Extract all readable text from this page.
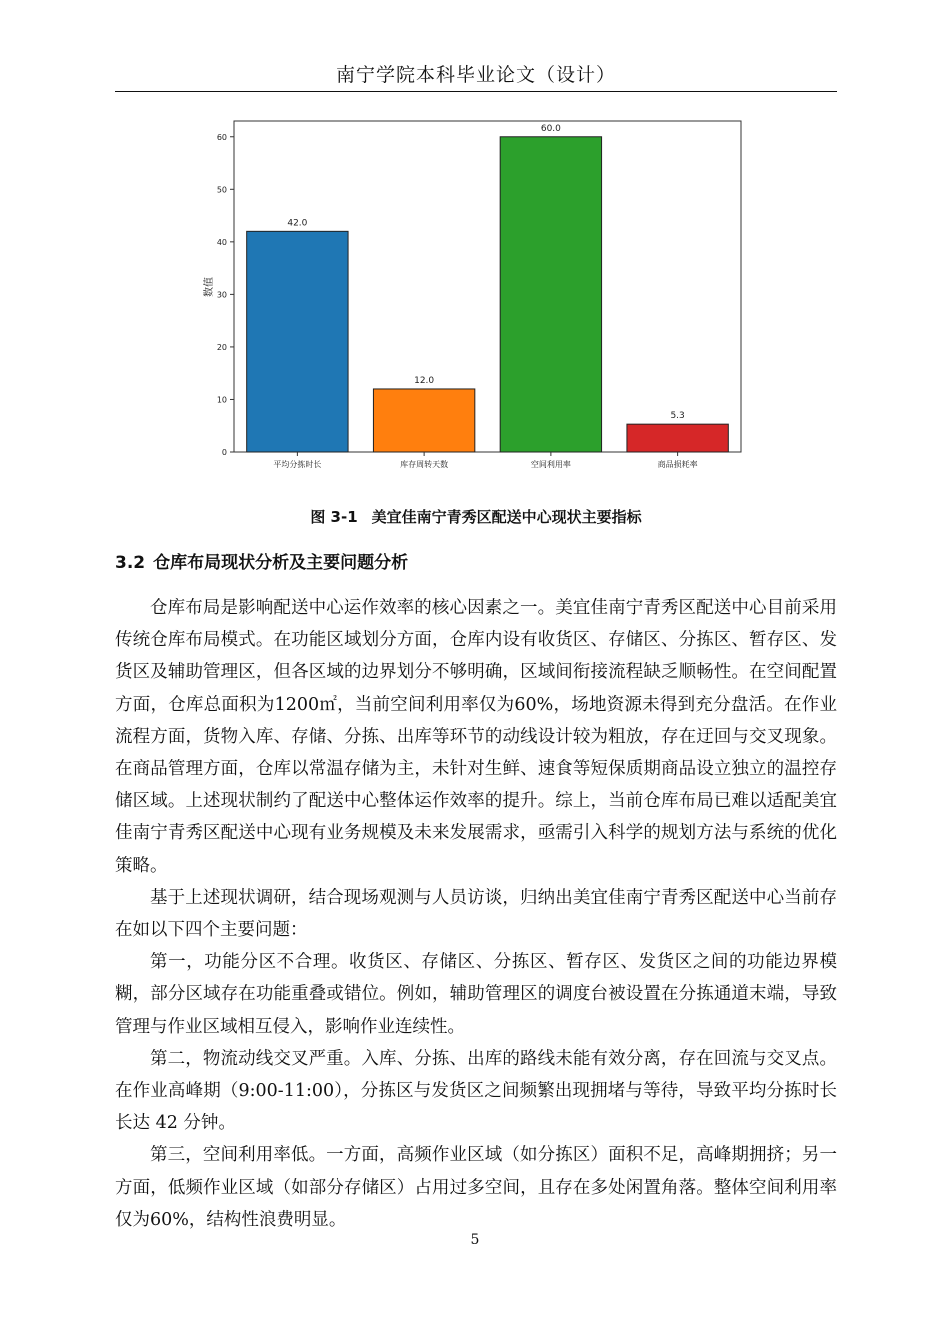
南宁学院本科毕业论文（设计）
数值
0
10
20
30
40
50
60
42.0
12.0
60.0
5.3
平均分拣时长	库存周转天数	空间利用率	商品损耗率
图 3-1 美宜佳南宁青秀区配送中心现状主要指标
3.2 仓库布局现状分析及主要问题分析

仓库布局是影响配送中心运作效率的核心因素之一。美宜佳南宁青秀区配送中心目前采用传统仓库布局模式。在功能区域划分方面，仓库内设有收货区、存储区、分拣区、暂存区、发货区及辅助管理区，但各区域的边界划分不够明确，区域间衔接流程缺乏顺畅性。在空间配置方面，仓库总面积为1200㎡，当前空间利用率仅为60%，场地资源未得到充分盘活。在作业流程方面，货物入库、存储、分拣、出库等环节的动线设计较为粗放，存在迂回与交叉现象。在商品管理方面，仓库以常温存储为主，未针对生鲜、速食等短保质期商品设立独立的温控存储区域。上述现状制约了配送中心整体运作效率的提升。综上，当前仓库布局已难以适配美宜佳南宁青秀区配送中心现有业务规模及未来发展需求，亟需引入科学的规划方法与系统的优化策略。

基于上述现状调研，结合现场观测与人员访谈，归纳出美宜佳南宁青秀区配送中心当前存在如以下四个主要问题：

第一，功能分区不合理。收货区、存储区、分拣区、暂存区、发货区之间的功能边界模糊，部分区域存在功能重叠或错位。例如，辅助管理区的调度台被设置在分拣通道末端，导致管理与作业区域相互侵入，影响作业连续性。

第二，物流动线交叉严重。入库、分拣、出库的路线未能有效分离，存在回流与交叉点。在作业高峰期（9:00-11:00），分拣区与发货区之间频繁出现拥堵与等待，导致平均分拣时长长达 42 分钟。

第三，空间利用率低。一方面，高频作业区域（如分拣区）面积不足，高峰期拥挤；另一方面，低频作业区域（如部分存储区）占用过多空间，且存在多处闲置角落。整体空间利用率仅为60%，结构性浪费明显。

5
